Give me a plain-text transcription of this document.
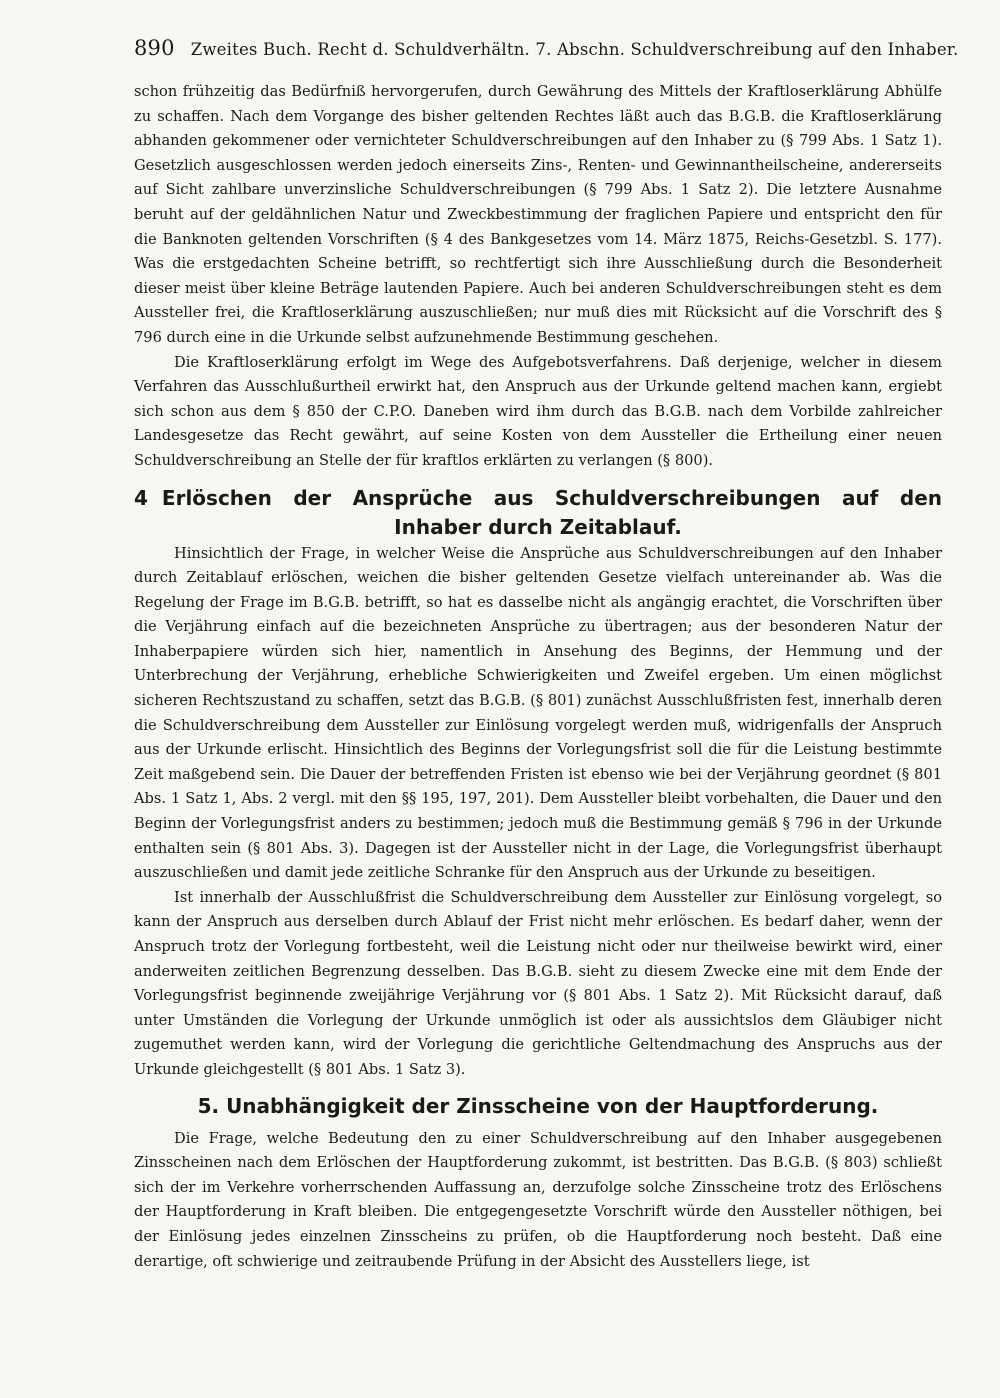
890 Zweites Buch. Recht d. Schuldverhältn. 7. Abschn. Schuldverschreibung auf den Inhaber.

schon frühzeitig das Bedürfniß hervorgerufen, durch Gewährung des Mittels der Kraftloserklärung Abhülfe zu schaffen. Nach dem Vorgange des bisher geltenden Rechtes läßt auch das B.G.B. die Kraftloserklärung abhanden gekommener oder vernichteter Schuldverschreibungen auf den Inhaber zu (§ 799 Abs. 1 Satz 1). Gesetzlich ausgeschlossen werden jedoch einerseits Zins-, Renten- und Gewinnantheilscheine, andererseits auf Sicht zahlbare unverzinsliche Schuldverschreibungen (§ 799 Abs. 1 Satz 2). Die letztere Ausnahme beruht auf der geldähnlichen Natur und Zweckbestimmung der fraglichen Papiere und entspricht den für die Banknoten geltenden Vorschriften (§ 4 des Bankgesetzes vom 14. März 1875, Reichs-Gesetzbl. S. 177). Was die erstgedachten Scheine betrifft, so rechtfertigt sich ihre Ausschließung durch die Besonderheit dieser meist über kleine Beträge lautenden Papiere. Auch bei anderen Schuldverschreibungen steht es dem Aussteller frei, die Kraftloserklärung auszuschließen; nur muß dies mit Rücksicht auf die Vorschrift des § 796 durch eine in die Urkunde selbst aufzunehmende Bestimmung geschehen.

Die Kraftloserklärung erfolgt im Wege des Aufgebotsverfahrens. Daß derjenige, welcher in diesem Verfahren das Ausschlußurtheil erwirkt hat, den Anspruch aus der Urkunde geltend machen kann, ergiebt sich schon aus dem § 850 der C.P.O. Daneben wird ihm durch das B.G.B. nach dem Vorbilde zahlreicher Landesgesetze das Recht gewährt, auf seine Kosten von dem Aussteller die Ertheilung einer neuen Schuldverschreibung an Stelle der für kraftlos erklärten zu verlangen (§ 800).

4 Erlöschen der Ansprüche aus Schuldverschreibungen auf den Inhaber durch Zeitablauf.

Hinsichtlich der Frage, in welcher Weise die Ansprüche aus Schuldverschreibungen auf den Inhaber durch Zeitablauf erlöschen, weichen die bisher geltenden Gesetze vielfach untereinander ab. Was die Regelung der Frage im B.G.B. betrifft, so hat es dasselbe nicht als angängig erachtet, die Vorschriften über die Verjährung einfach auf die bezeichneten Ansprüche zu übertragen; aus der besonderen Natur der Inhaberpapiere würden sich hier, namentlich in Ansehung des Beginns, der Hemmung und der Unterbrechung der Verjährung, erhebliche Schwierigkeiten und Zweifel ergeben. Um einen möglichst sicheren Rechtszustand zu schaffen, setzt das B.G.B. (§ 801) zunächst Ausschlußfristen fest, innerhalb deren die Schuldverschreibung dem Aussteller zur Einlösung vorgelegt werden muß, widrigenfalls der Anspruch aus der Urkunde erlischt. Hinsichtlich des Beginns der Vorlegungsfrist soll die für die Leistung bestimmte Zeit maßgebend sein. Die Dauer der betreffenden Fristen ist ebenso wie bei der Verjährung geordnet (§ 801 Abs. 1 Satz 1, Abs. 2 vergl. mit den §§ 195, 197, 201). Dem Aussteller bleibt vorbehalten, die Dauer und den Beginn der Vorlegungsfrist anders zu bestimmen; jedoch muß die Bestimmung gemäß § 796 in der Urkunde enthalten sein (§ 801 Abs. 3). Dagegen ist der Aussteller nicht in der Lage, die Vorlegungsfrist überhaupt auszuschließen und damit jede zeitliche Schranke für den Anspruch aus der Urkunde zu beseitigen.

Ist innerhalb der Ausschlußfrist die Schuldverschreibung dem Aussteller zur Einlösung vorgelegt, so kann der Anspruch aus derselben durch Ablauf der Frist nicht mehr erlöschen. Es bedarf daher, wenn der Anspruch trotz der Vorlegung fortbesteht, weil die Leistung nicht oder nur theilweise bewirkt wird, einer anderweiten zeitlichen Begrenzung desselben. Das B.G.B. sieht zu diesem Zwecke eine mit dem Ende der Vorlegungsfrist beginnende zweijährige Verjährung vor (§ 801 Abs. 1 Satz 2). Mit Rücksicht darauf, daß unter Umständen die Vorlegung der Urkunde unmöglich ist oder als aussichtslos dem Gläubiger nicht zugemuthet werden kann, wird der Vorlegung die gerichtliche Geltendmachung des Anspruchs aus der Urkunde gleichgestellt (§ 801 Abs. 1 Satz 3).

5. Unabhängigkeit der Zinsscheine von der Hauptforderung.

Die Frage, welche Bedeutung den zu einer Schuldverschreibung auf den Inhaber ausgegebenen Zinsscheinen nach dem Erlöschen der Hauptforderung zukommt, ist bestritten. Das B.G.B. (§ 803) schließt sich der im Verkehre vorherrschenden Auffassung an, derzufolge solche Zinsscheine trotz des Erlöschens der Hauptforderung in Kraft bleiben. Die entgegengesetzte Vorschrift würde den Aussteller nöthigen, bei der Einlösung jedes einzelnen Zinsscheins zu prüfen, ob die Hauptforderung noch besteht. Daß eine derartige, oft schwierige und zeitraubende Prüfung in der Absicht des Ausstellers liege, ist
